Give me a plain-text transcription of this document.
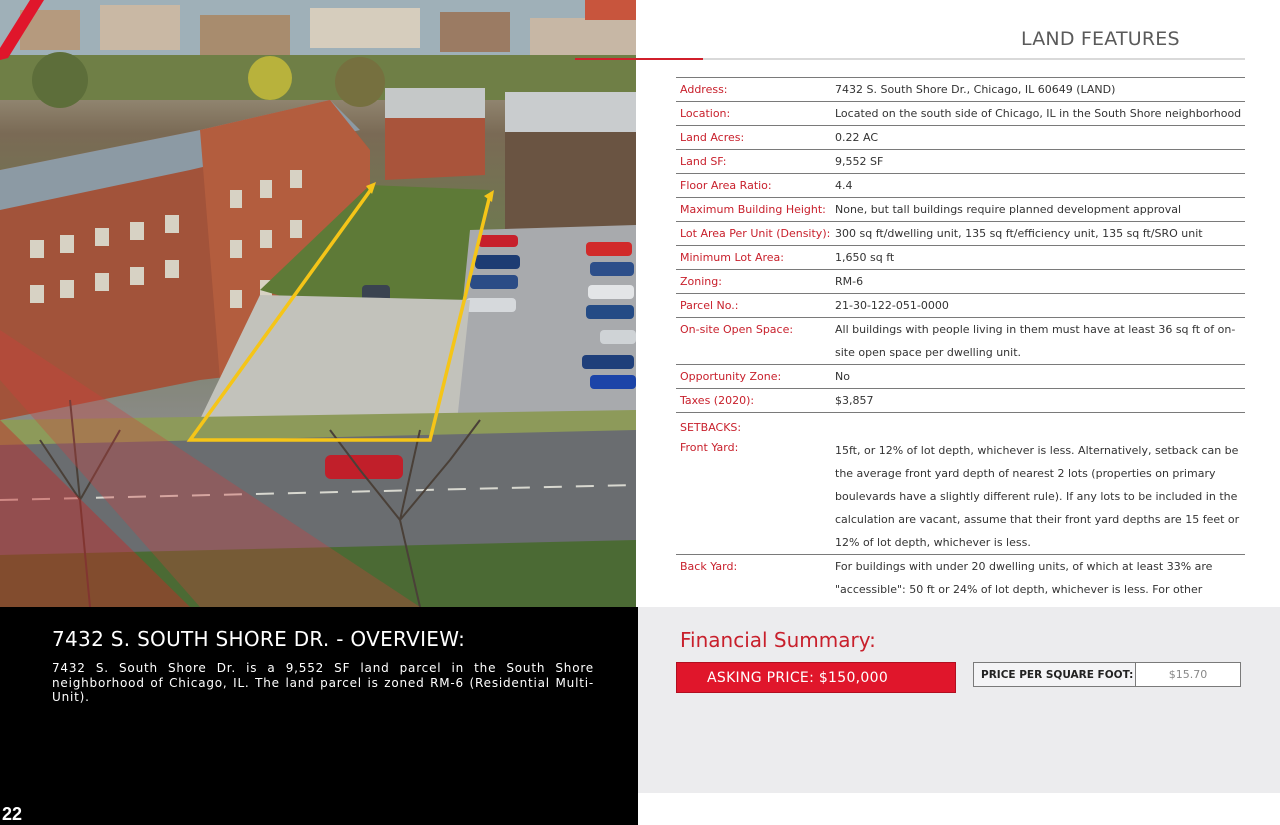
LAND FEATURES
Address:	7432 S. South Shore Dr., Chicago, IL 60649 (LAND)
Location:	Located on the south side of Chicago, IL in the South Shore neighborhood
Land Acres:	0.22 AC
Land SF:	9,552 SF
Floor Area Ratio:	4.4
Maximum Building Height: None, but tall buildings require planned development approval
Lot Area Per Unit (Density): 300 sq ft/dwelling unit, 135 sq ft/efficiency unit, 135 sq ft/SRO unit
Minimum Lot Area:	1,650 sq ft
Zoning:	RM-6
Parcel No.:	21-30-122-051-0000
On-site Open Space:	All buildings with people living in them must have at least 36 sq ft of on-site open space per dwelling unit.
Opportunity Zone:	No
Taxes (2020):	$3,857
SETBACKS:
Front Yard:	15ft, or 12% of lot depth, whichever is less. Alternatively, setback can be the average front yard depth of nearest 2 lots (properties on primary boulevards have a slightly different rule). If any lots to be included in the calculation are vacant, assume that their front yard depths are 15 feet or 12% of lot depth, whichever is less.
Back Yard:	For buildings with under 20 dwelling units, of which at least 33% are "accessible": 50 ft or 24% of lot depth, whichever is less. For other
7432 S. SOUTH SHORE DR. - OVERVIEW:
7432 S. South Shore Dr. is a 9,552 SF land parcel in the South Shore neighborhood of Chicago, IL. The land parcel is zoned RM-6 (Residential Multi-Unit).
22
Financial Summary:
ASKING PRICE: $150,000	PRICE PER SQUARE FOOT:	$15.70
